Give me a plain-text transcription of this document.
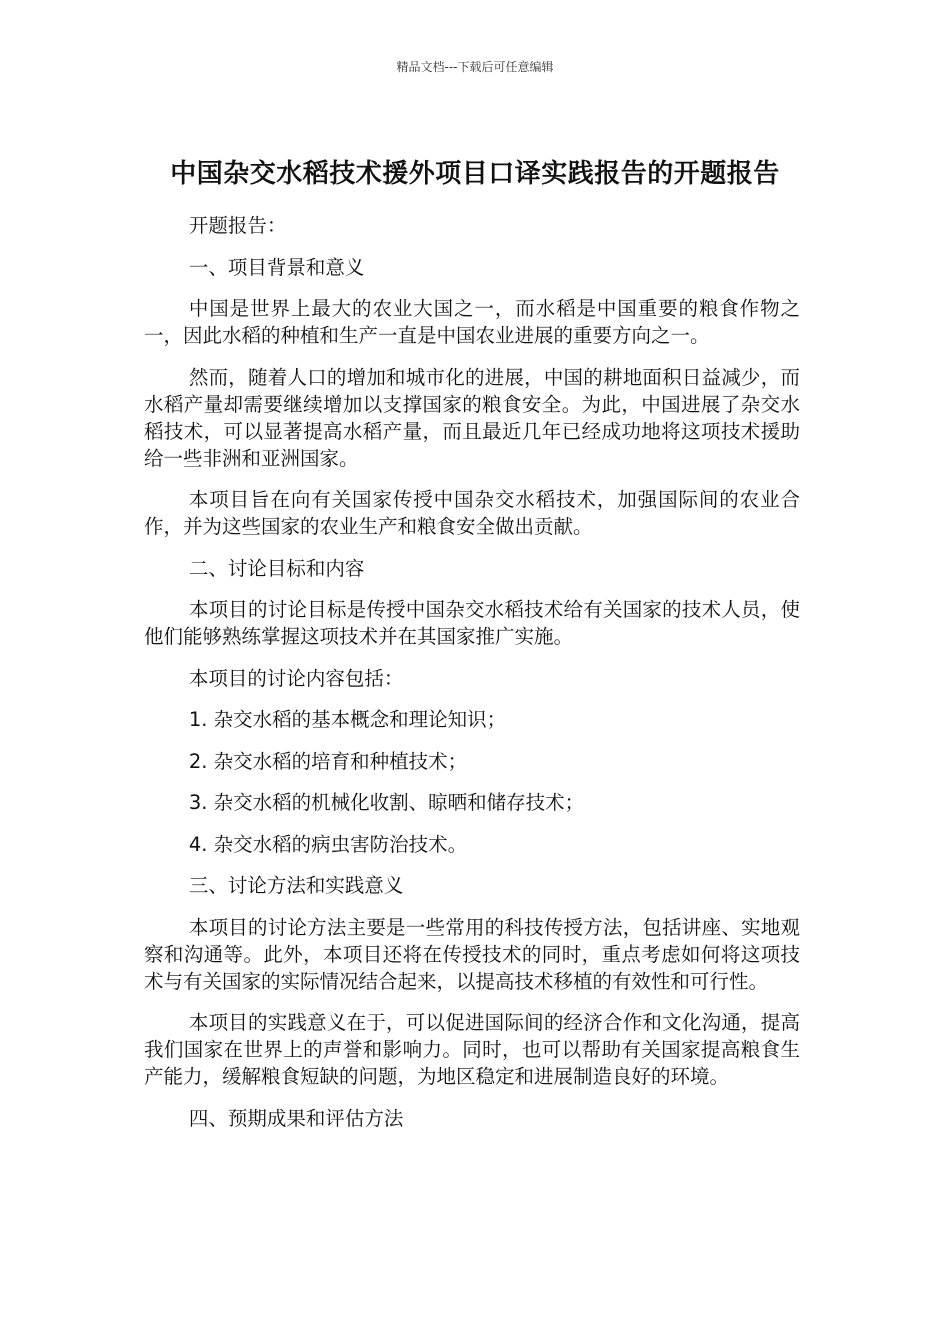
精品文档---下载后可任意编辑
中国杂交水稻技术援外项目口译实践报告的开题报告

开题报告：

一、项目背景和意义

中国是世界上最大的农业大国之一，而水稻是中国重要的粮食作物之一，因此水稻的种植和生产一直是中国农业进展的重要方向之一。

然而，随着人口的增加和城市化的进展，中国的耕地面积日益减少，而水稻产量却需要继续增加以支撑国家的粮食安全。为此，中国进展了杂交水稻技术，可以显著提高水稻产量，而且最近几年已经成功地将这项技术援助给一些非洲和亚洲国家。

本项目旨在向有关国家传授中国杂交水稻技术，加强国际间的农业合作，并为这些国家的农业生产和粮食安全做出贡献。

二、讨论目标和内容

本项目的讨论目标是传授中国杂交水稻技术给有关国家的技术人员，使他们能够熟练掌握这项技术并在其国家推广实施。

本项目的讨论内容包括：

1. 杂交水稻的基本概念和理论知识；

2. 杂交水稻的培育和种植技术；

3. 杂交水稻的机械化收割、晾晒和储存技术；

4. 杂交水稻的病虫害防治技术。

三、讨论方法和实践意义

本项目的讨论方法主要是一些常用的科技传授方法，包括讲座、实地观察和沟通等。此外，本项目还将在传授技术的同时，重点考虑如何将这项技术与有关国家的实际情况结合起来，以提高技术移植的有效性和可行性。

本项目的实践意义在于，可以促进国际间的经济合作和文化沟通，提高我们国家在世界上的声誉和影响力。同时，也可以帮助有关国家提高粮食生产能力，缓解粮食短缺的问题，为地区稳定和进展制造良好的环境。

四、预期成果和评估方法
